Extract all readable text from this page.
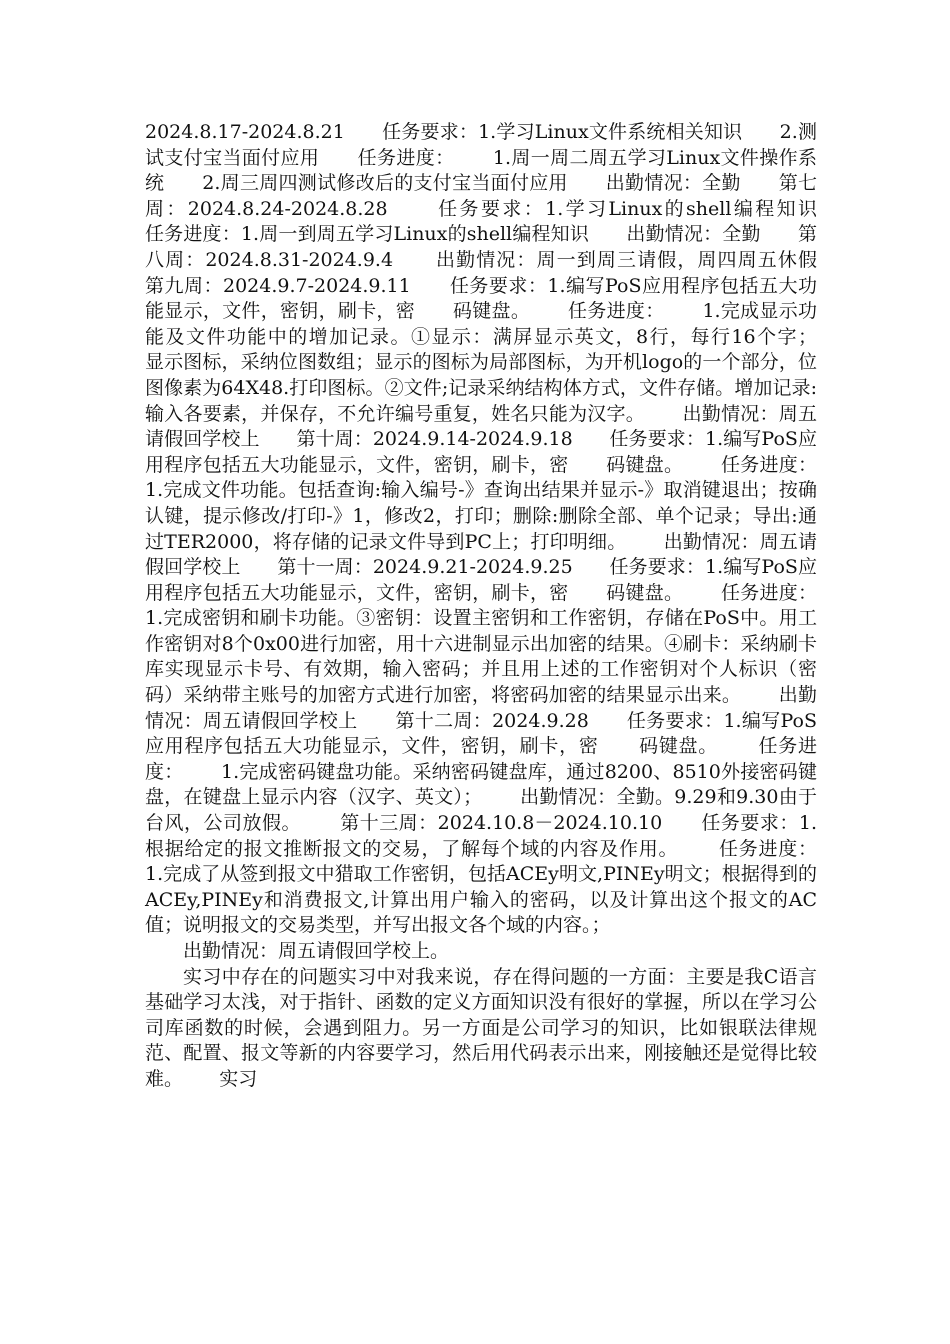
2024.8.17-2024.8.21      任务要求：1.学习Linux文件系统相关知识      2.测试支付宝当面付应用      任务进度：      1.周一周二周五学习Linux文件操作系统      2.周三周四测试修改后的支付宝当面付应用      出勤情况：全勤      第七周：2024.8.24-2024.8.28      任务要求：1.学习Linux的shell编程知识      任务进度：1.周一到周五学习Linux的shell编程知识      出勤情况：全勤      第八周：2024.8.31-2024.9.4      出勤情况：周一到周三请假，周四周五休假      第九周：2024.9.7-2024.9.11      任务要求：1.编写PoS应用程序包括五大功能显示，文件，密钥，刷卡，密      码键盘。      任务进度：      1.完成显示功能及文件功能中的增加记录。①显示：满屏显示英文，8行，每行16个字；      显示图标，采纳位图数组；显示的图标为局部图标，为开机logo的一个部分，位图像素为64X48.打印图标。②文件;记录采纳结构体方式，文件存储。增加记录:输入各要素，并保存，不允许编号重复，姓名只能为汉字。      出勤情况：周五请假回学校上      第十周：2024.9.14-2024.9.18      任务要求：1.编写PoS应用程序包括五大功能显示，文件，密钥，刷卡，密      码键盘。      任务进度：      1.完成文件功能。包括查询:输入编号-》查询出结果并显示-》取消键退出；按确认键，提示修改/打印-》1，修改2，打印；删除:删除全部、单个记录；导出:通过TER2000，将存储的记录文件导到PC上；打印明细。      出勤情况：周五请假回学校上      第十一周：2024.9.21-2024.9.25      任务要求：1.编写PoS应用程序包括五大功能显示，文件，密钥，刷卡，密      码键盘。      任务进度：1.完成密钥和刷卡功能。③密钥：设置主密钥和工作密钥，存储在PoS中。用工作密钥对8个0x00进行加密，用十六进制显示出加密的结果。④刷卡：采纳刷卡库实现显示卡号、有效期，输入密码；并且用上述的工作密钥对个人标识（密码）采纳带主账号的加密方式进行加密，将密码加密的结果显示出来。      出勤情况：周五请假回学校上      第十二周：2024.9.28      任务要求：1.编写PoS应用程序包括五大功能显示，文件，密钥，刷卡，密      码键盘。      任务进度：      1.完成密码键盘功能。采纳密码键盘库，通过8200、8510外接密码键盘，在键盘上显示内容（汉字、英文）；      出勤情况：全勤。9.29和9.30由于台风，公司放假。      第十三周：2024.10.8－2024.10.10      任务要求：1.根据给定的报文推断报文的交易，了解每个域的内容及作用。      任务进度：      1.完成了从签到报文中猎取工作密钥，包括ACEy明文,PINEy明文；根据得到的ACEy,PINEy和消费报文,计算出用户输入的密码，以及计算出这个报文的AC值；说明报文的交易类型，并写出报文各个域的内容。；

出勤情况：周五请假回学校上。

实习中存在的问题实习中对我来说，存在得问题的一方面：主要是我C语言基础学习太浅，对于指针、函数的定义方面知识没有很好的掌握，所以在学习公司库函数的时候，会遇到阻力。另一方面是公司学习的知识，比如银联法律规范、配置、报文等新的内容要学习，然后用代码表示出来，刚接触还是觉得比较难。      实习
